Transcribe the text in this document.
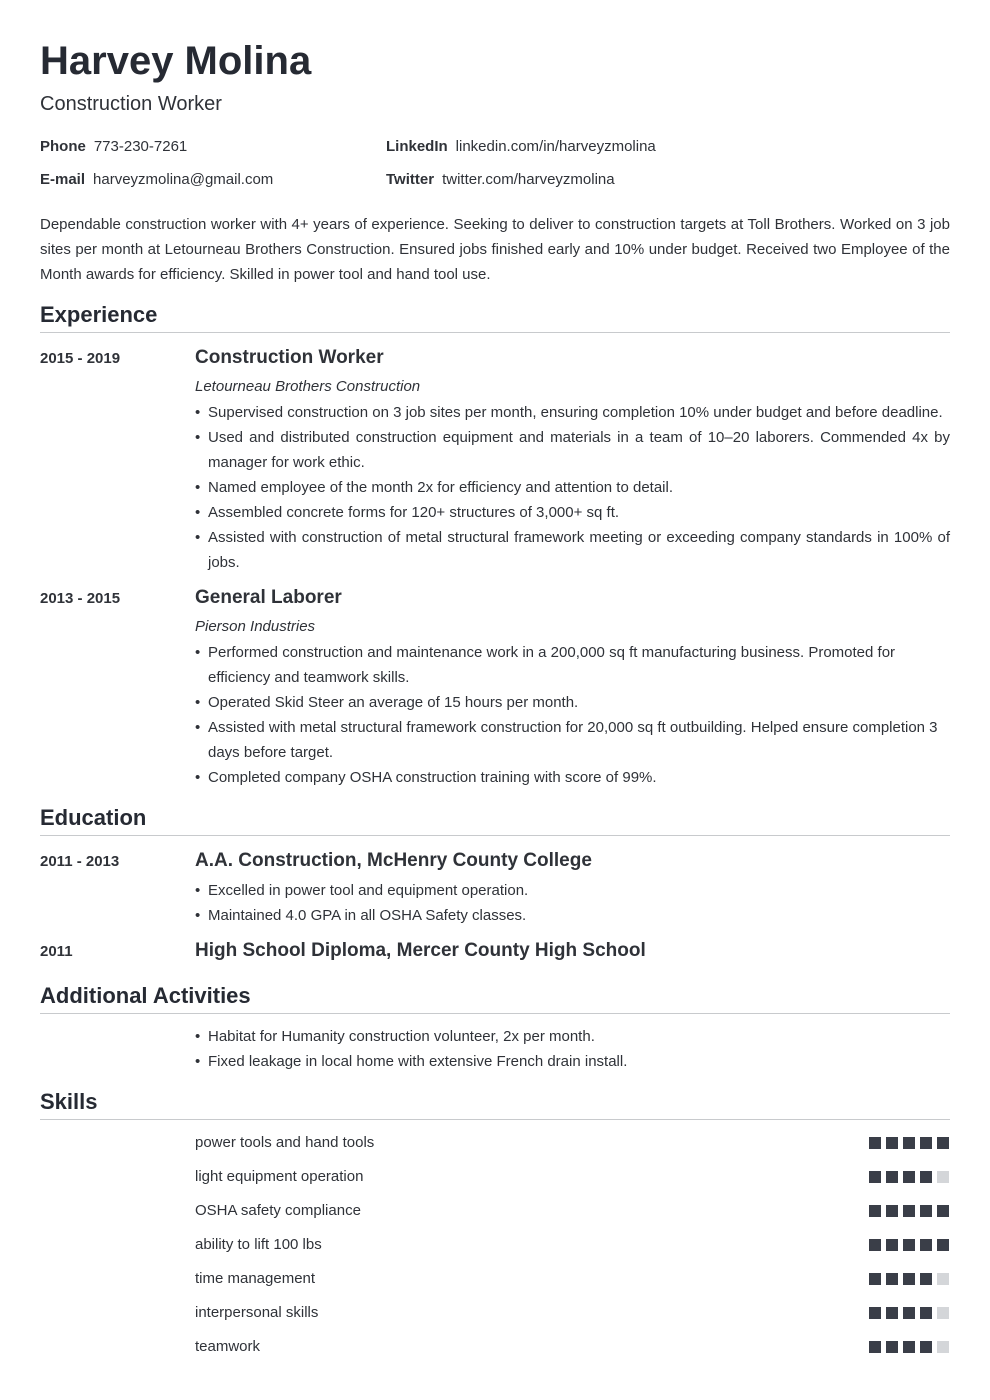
Harvey Molina
Construction Worker
Phone 773-230-7261	LinkedIn linkedin.com/in/harveyzmolina
E-mail harveyzmolina@gmail.com	Twitter twitter.com/harveyzmolina

Dependable construction worker with 4+ years of experience. Seeking to deliver to construction targets at Toll Brothers. Worked on 3 job sites per month at Letourneau Brothers Construction. Ensured jobs finished early and 10% under budget. Received two Employee of the Month awards for efficiency. Skilled in power tool and hand tool use.

Experience
2015 - 2019	Construction Worker
Letourneau Brothers Construction
• Supervised construction on 3 job sites per month, ensuring completion 10% under budget and before deadline.
• Used and distributed construction equipment and materials in a team of 10–20 laborers. Commended 4x by manager for work ethic.
• Named employee of the month 2x for efficiency and attention to detail.
• Assembled concrete forms for 120+ structures of 3,000+ sq ft.
• Assisted with construction of metal structural framework meeting or exceeding company standards in 100% of jobs.
2013 - 2015	General Laborer
Pierson Industries
• Performed construction and maintenance work in a 200,000 sq ft manufacturing business. Promoted for efficiency and teamwork skills.
• Operated Skid Steer an average of 15 hours per month.
• Assisted with metal structural framework construction for 20,000 sq ft outbuilding. Helped ensure completion 3 days before target.
• Completed company OSHA construction training with score of 99%.
Education
2011 - 2013	A.A. Construction, McHenry County College
• Excelled in power tool and equipment operation.
• Maintained 4.0 GPA in all OSHA Safety classes.
2011	High School Diploma, Mercer County High School
Additional Activities
• Habitat for Humanity construction volunteer, 2x per month.
• Fixed leakage in local home with extensive French drain install.
Skills
power tools and hand tools
light equipment operation
OSHA safety compliance
ability to lift 100 lbs
time management
interpersonal skills
teamwork
